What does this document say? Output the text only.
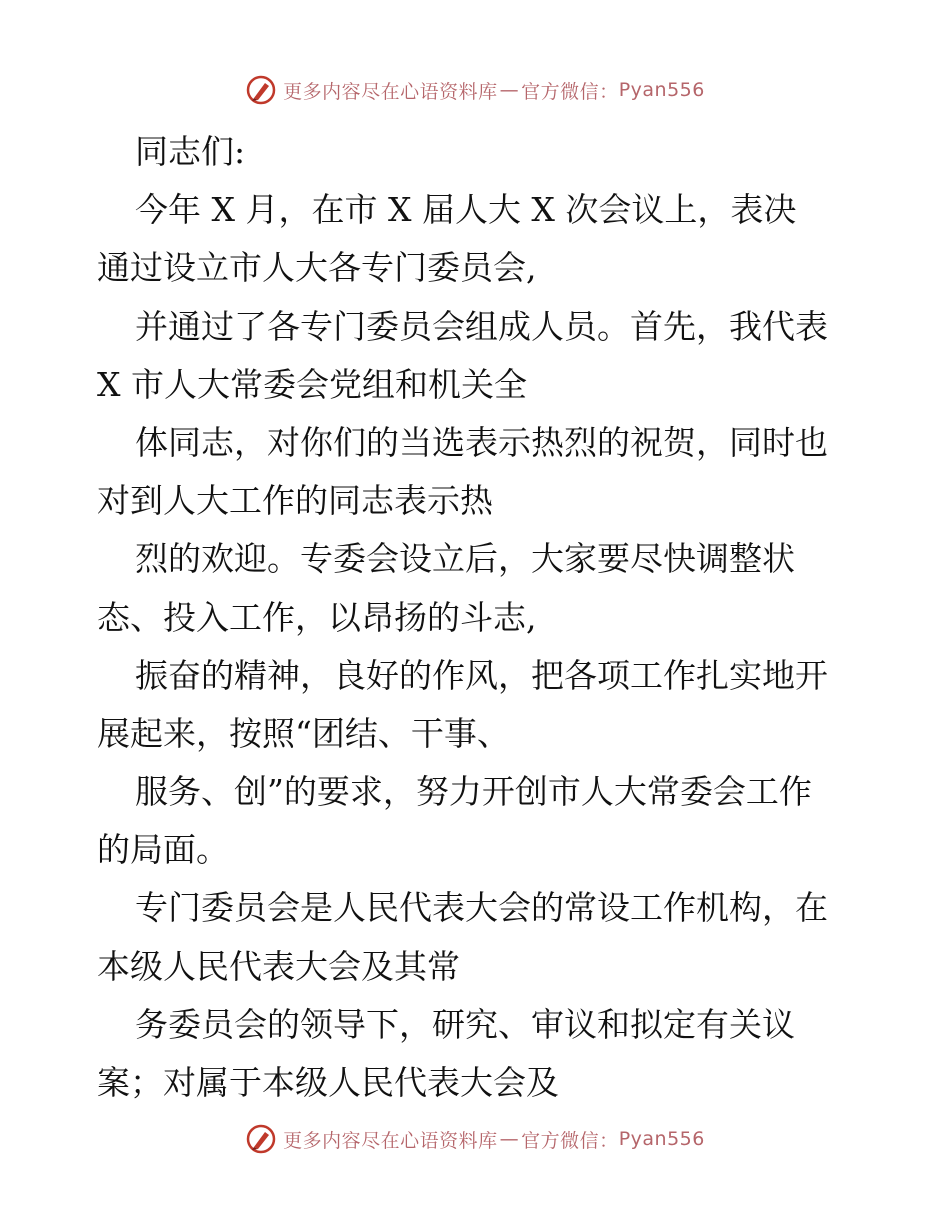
更多内容尽在心语资料库 — 官方微信： Pyan556
同志们:
今年 X 月，在市 X 届人大 X 次会议上，表决
通过设立市人大各专门委员会,
并通过了各专门委员会组成人员。首先，我代表
X 市人大常委会党组和机关全
体同志，对你们的当选表示热烈的祝贺，同时也
对到人大工作的同志表示热
烈的欢迎。专委会设立后，大家要尽快调整状
态、投入工作，以昂扬的斗志,
振奋的精神，良好的作风，把各项工作扎实地开
展起来，按照“团结、干事、
服务、创”的要求，努力开创市人大常委会工作
的局面。
专门委员会是人民代表大会的常设工作机构，在
本级人民代表大会及其常
务委员会的领导下，研究、审议和拟定有关议
案；对属于本级人民代表大会及
更多内容尽在心语资料库 — 官方微信： Pyan556
